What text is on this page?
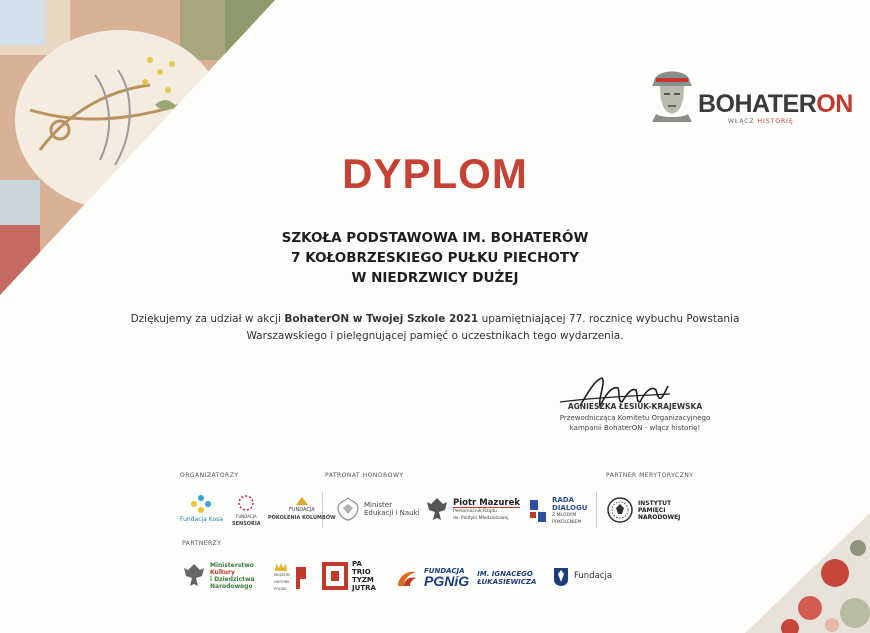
BOHATERON
WŁĄCZ HISTORIĘ
DYPLOM
SZKOŁA PODSTAWOWA IM. BOHATERÓW
7 KOŁOBRZESKIEGO PUŁKU PIECHOTY
W NIEDRZWICY DUŻEJ
Dziękujemy za udział w akcji BohaterON w Twojej Szkole 2021 upamiętniającej 77. rocznicę wybuchu Powstania
Warszawskiego i pielęgnującej pamięć o uczestnikach tego wydarzenia.
AGNIESZKA ŁESIUK-KRAJEWSKA
Przewodnicząca Komitetu Organizacyjnego
kampanii BohaterON - włącz historię!
ORGANIZATORZY	PATRONAT HONOROWY	PARTNER MERYTORYCZNY
PARTNERZY
Fundacja Kosa	FUNDACJA
SENSORIA
FUNDACJA
POKOLENIA KOLUMBÓW
Minister
Edukacji i Nauki
Piotr Mazurek
Pełnomocnik Rządu
ds. Polityki Młodzieżowej
RADA
DIALOGU
Z MŁODYM
POKOLENIEM
INSTYTUT
PAMIĘCI
NARODOWEJ
Ministerstwo
Kultury
i Dziedzictwa
Narodowego
MUZEUM
HISTORII
POLSKI
PA
TRIO
TYZM
JUTRA
FUNDACJA
PGNiG IM. IGNACEGO
ŁUKASIEWICZA
Fundacja
